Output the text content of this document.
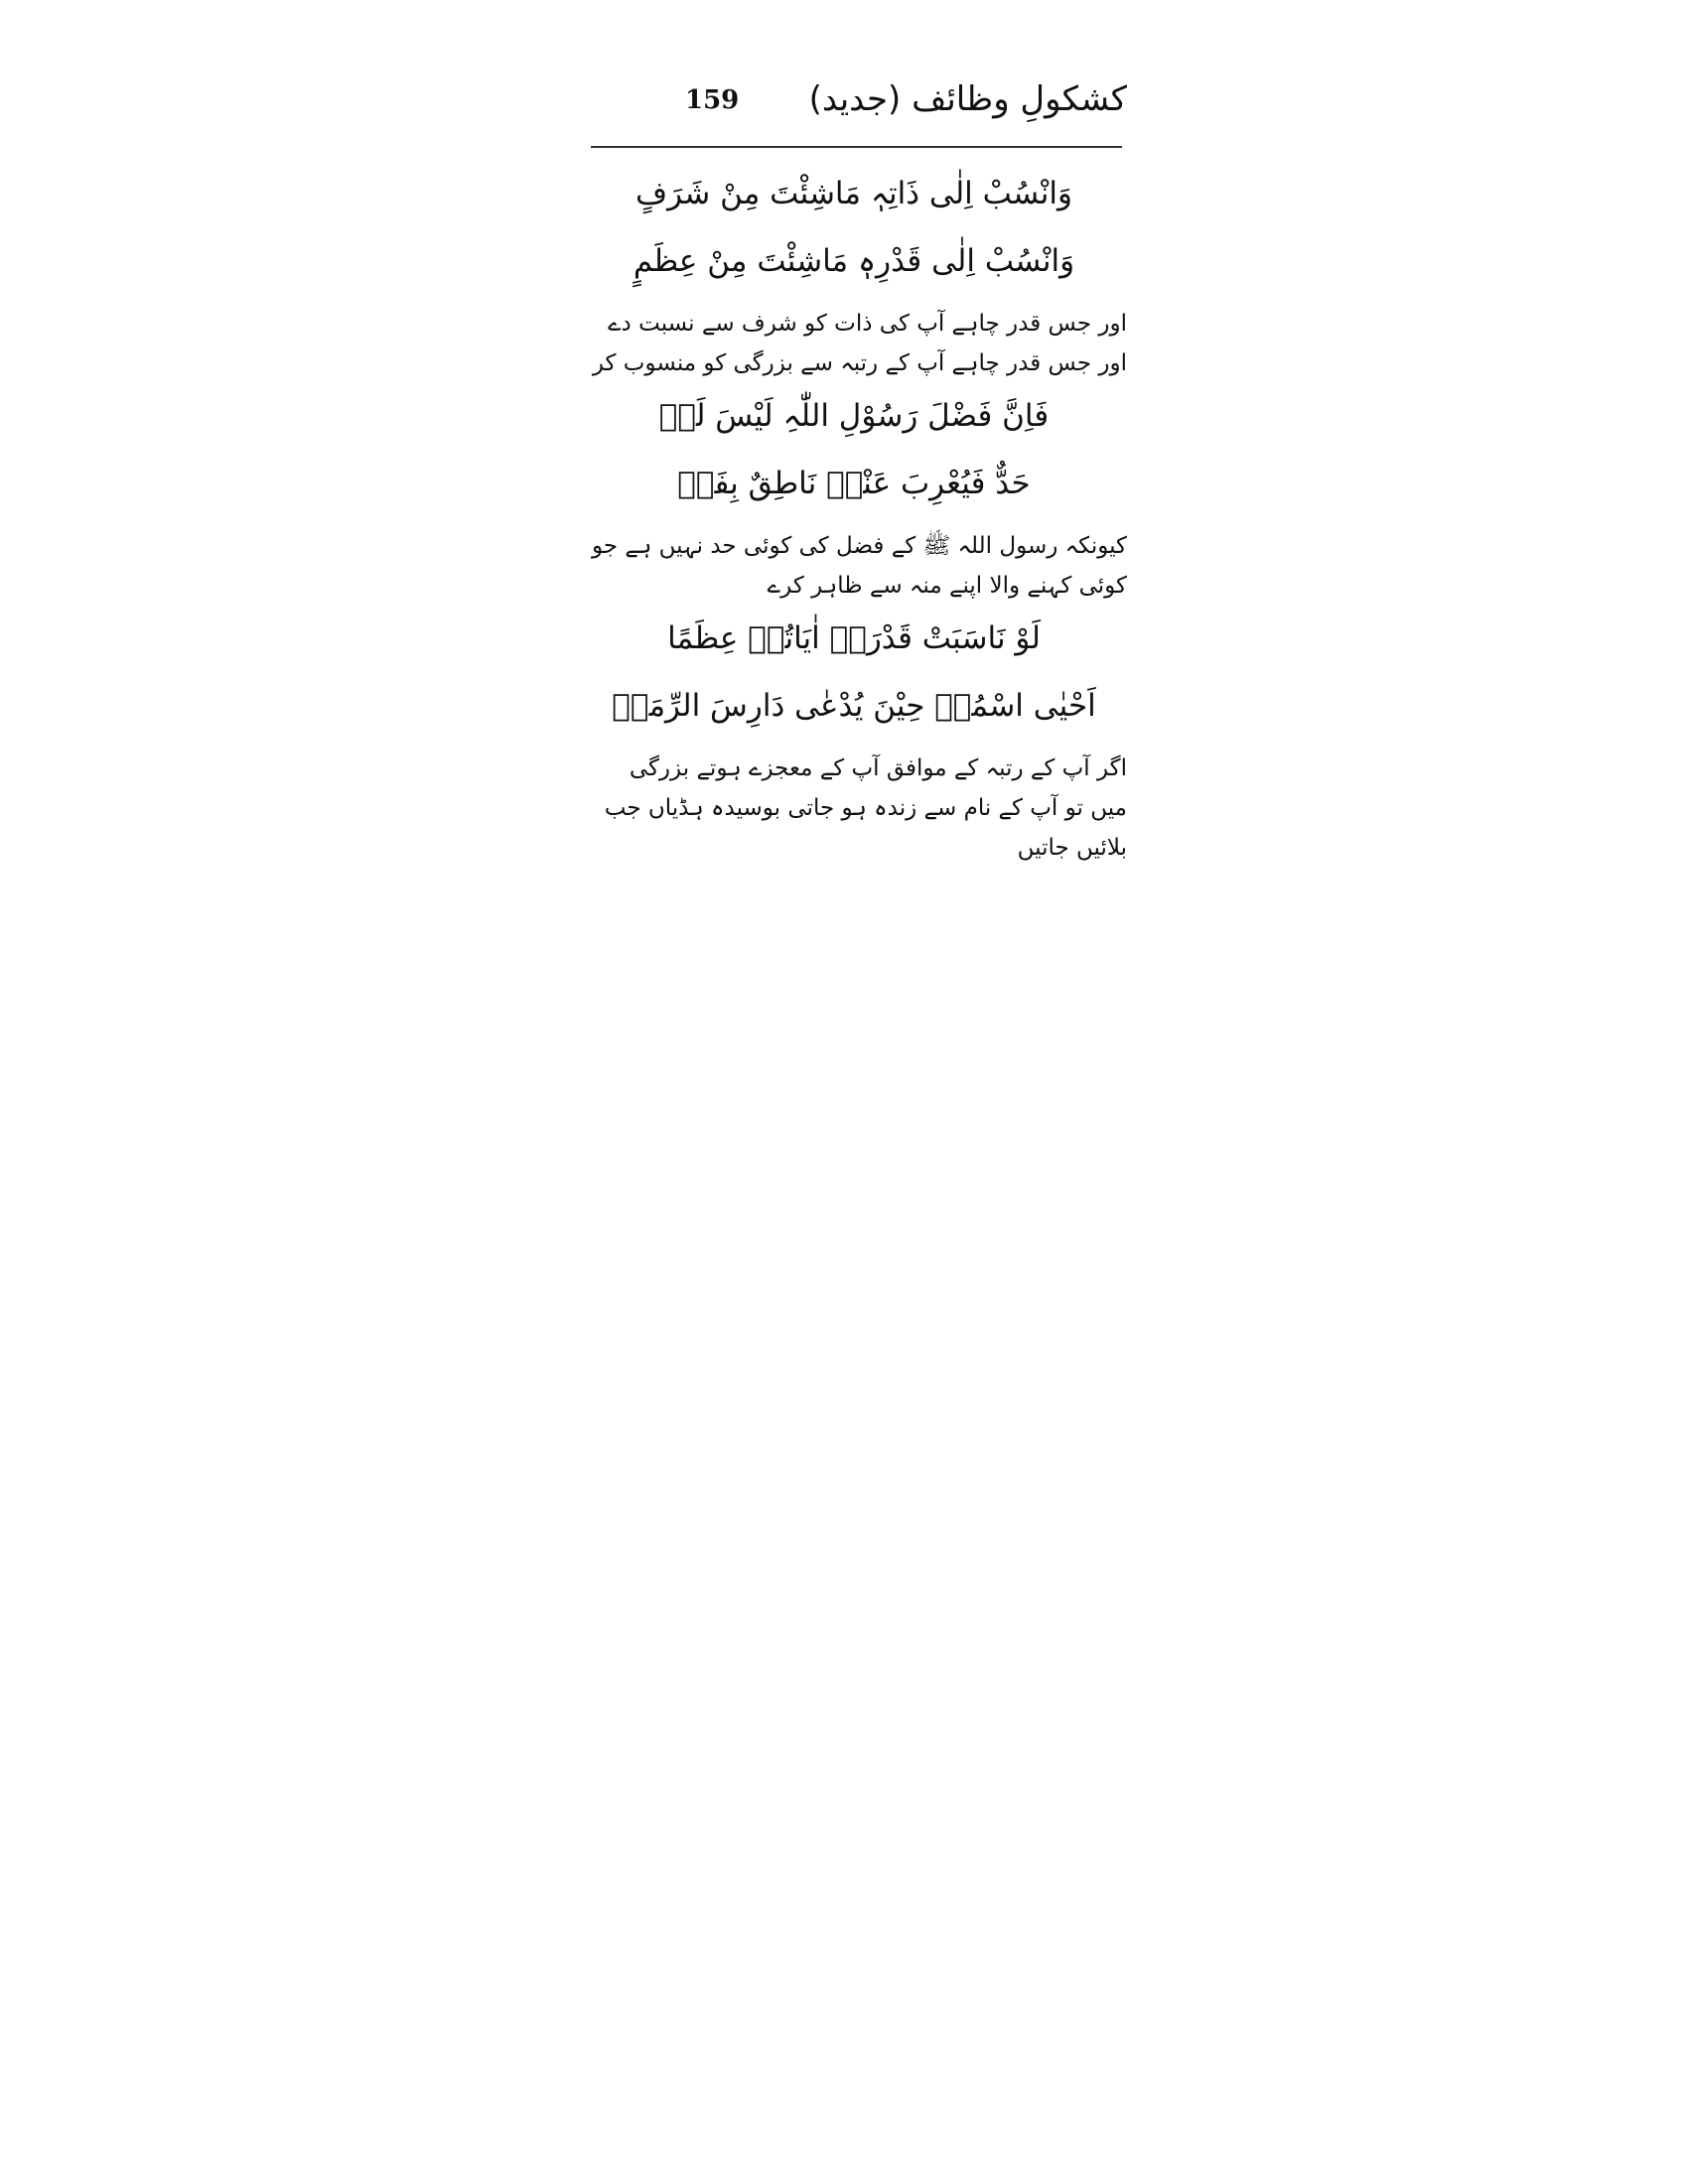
کشکولِ وظائف (جدید)
159
وَانْسُبْ اِلٰی ذَاتِہٖ مَاشِئْتَ مِنْ شَرَفٍ
وَانْسُبْ اِلٰی قَدْرِہٖ مَاشِئْتَ مِنْ عِظَمٍ
اور جس قدر چاہے آپ کی ذات کو شرف سے نسبت دے
اور جس قدر چاہے آپ کے رتبہ سے بزرگی کو منسوب کر
فَاِنَّ فَضْلَ رَسُوْلِ اللّٰہِ لَیْسَ لَہٗ
حَدٌّ فَیُعْرِبَ عَنْہُ نَاطِقٌ بِفَمٖ
کیونکہ رسول اللہ ﷺ کے فضل کی کوئی حد نہیں ہے جو
کوئی کہنے والا اپنے منہ سے ظاہر کرے
لَوْ نَاسَبَتْ قَدْرَہٗ اٰیَاتُہٗ عِظَمًا
اَحْیٰی اسْمُہٗ حِیْنَ یُدْعٰی دَارِسَ الرِّمَمٖ
اگر آپ کے رتبہ کے موافق آپ کے معجزے ہوتے بزرگی
میں تو آپ کے نام سے زندہ ہو جاتی بوسیدہ ہڈیاں جب
بلائیں جاتیں
